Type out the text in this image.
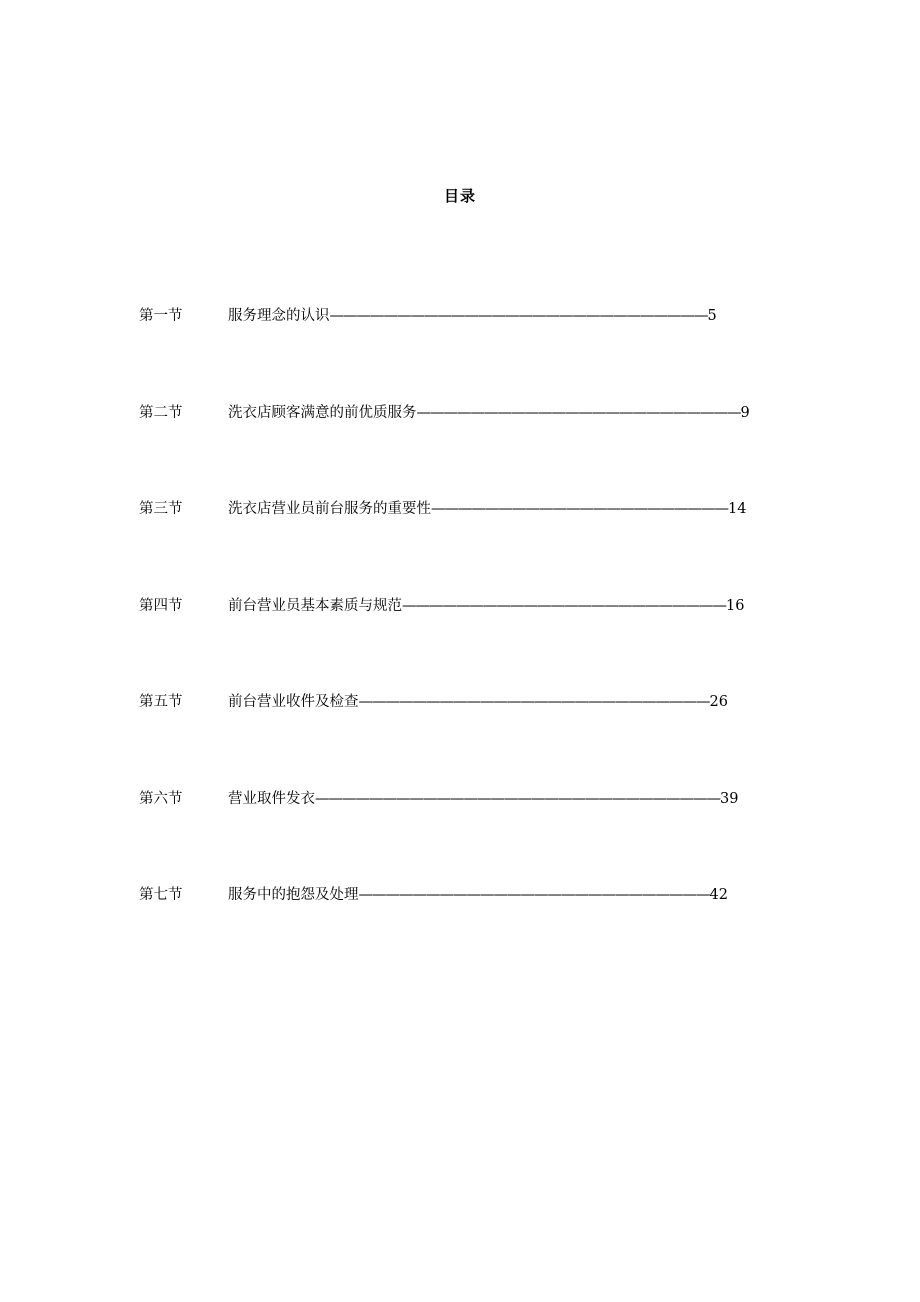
目录
第一节	服务理念的认识————————————————————————————5
第二节	洗衣店顾客满意的前优质服务————————————————————————9
第三节	洗衣店营业员前台服务的重要性——————————————————————14
第四节	前台营业员基本素质与规范————————————————————————16
第五节	前台营业收件及检查——————————————————————————26
第六节	营业取件发衣——————————————————————————————39
第七节	服务中的抱怨及处理——————————————————————————42
